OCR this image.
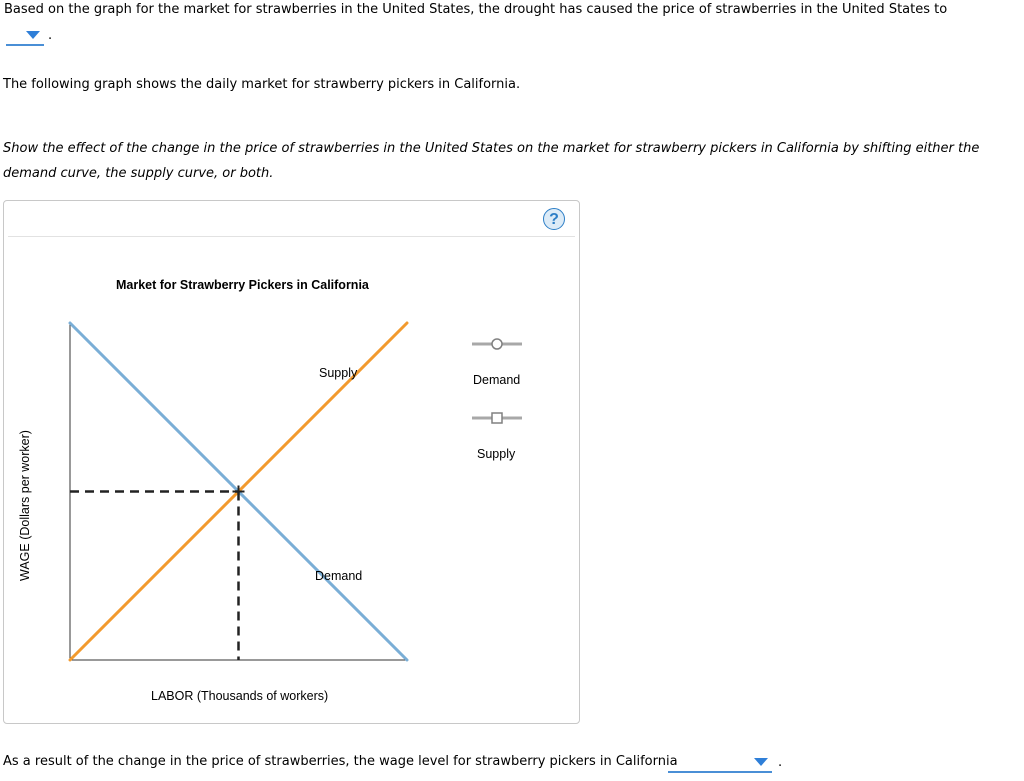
Based on the graph for the market for strawberries in the United States, the drought has caused the price of strawberries in the United States to
.
The following graph shows the daily market for strawberry pickers in California.
Show the effect of the change in the price of strawberries in the United States on the market for strawberry pickers in California by shifting either the
demand curve, the supply curve, or both.
?
Market for Strawberry Pickers in California
WAGE (Dollars per worker)
LABOR (Thousands of workers)
Supply
Demand
Demand
Supply
As a result of the change in the price of strawberries, the wage level for strawberry pickers in California	.
